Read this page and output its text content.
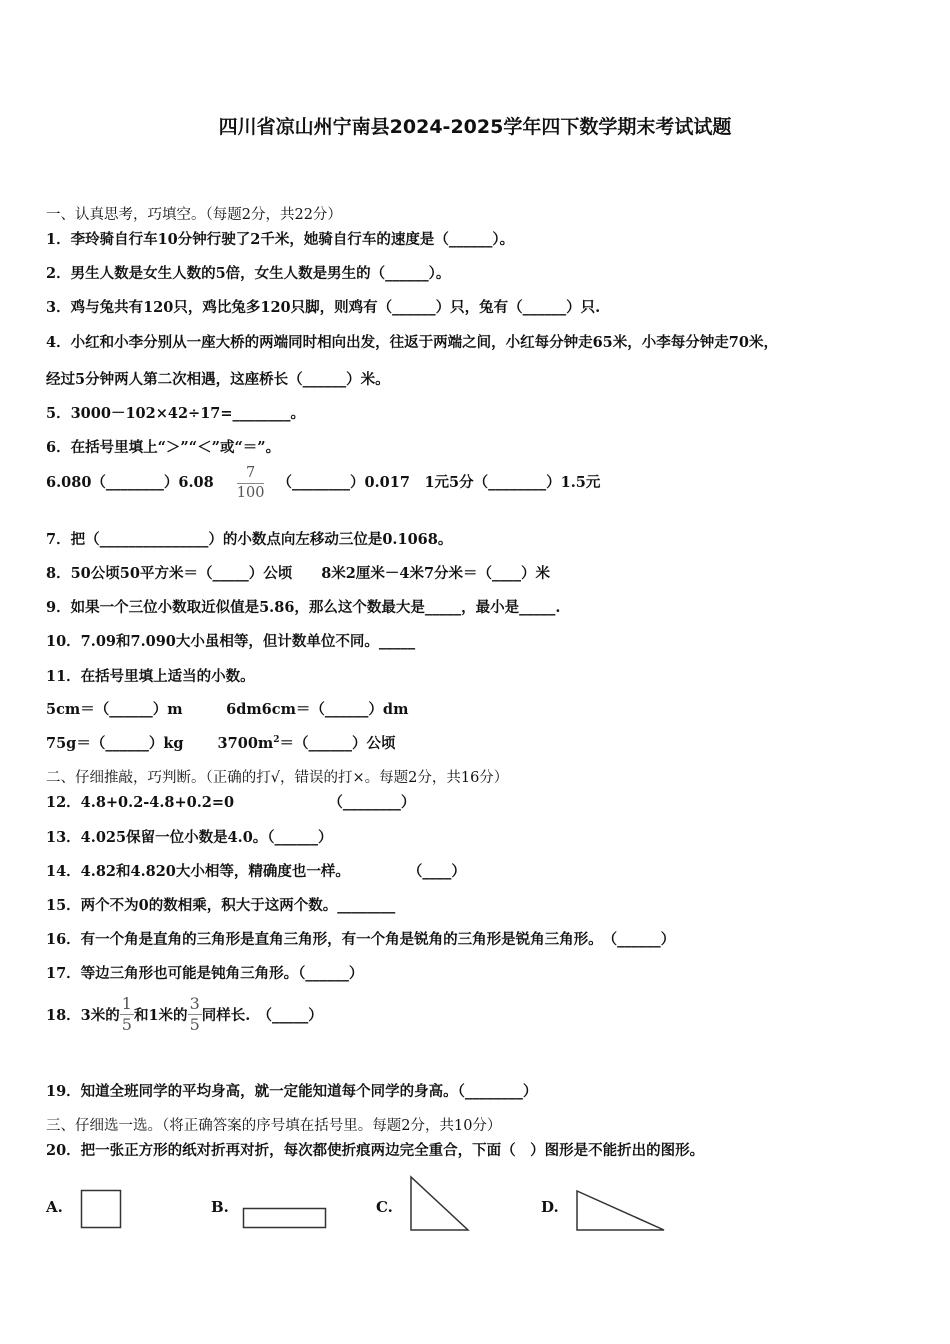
四川省凉山州宁南县2024-2025学年四下数学期末考试试题
一、认真思考，巧填空。（每题2分，共22分）
1．李玲骑自行车10分钟行驶了2千米，她骑自行车的速度是（______）。
2．男生人数是女生人数的5倍，女生人数是男生的（______）。
3．鸡与兔共有120只，鸡比兔多120只脚，则鸡有（______）只，兔有（______）只.
4．小红和小李分别从一座大桥的两端同时相向出发，往返于两端之间，小红每分钟走65米，小李每分钟走70米，
经过5分钟两人第二次相遇，这座桥长（______）米。
5．3000－102×42÷17=________。
6．在括号里填上“＞”“＜”或“＝”。
6.080（________）6.08 $\frac{7}{100}$ （________）0.017　1元5分（________）1.5元
7．把（_______________）的小数点向左移动三位是0.1068。
8．50公顷50平方米＝（_____）公顷　　8米2厘米－4米7分米＝（____）米
9．如果一个三位小数取近似值是5.86，那么这个数最大是_____，最小是_____.
10．7.09和7.090大小虽相等，但计数单位不同。_____
11．在括号里填上适当的小数。
5cm＝（______）m　　　6dm6cm＝（______）dm
75g＝（______）kg　　 $3700m^2=(\_\_\_\_\_\_)$公顷
二、仔细推敲，巧判断。（正确的打√，错误的打×。每题2分，共16分）
12．4.8+0.2-4.8+0.2=0　　　　　　　（________）
13．4.025保留一位小数是4.0。（______）
14．4.82和4.820大小相等，精确度也一样。　　　　　（____）
15．两个不为0的数相乘，积大于这两个数。________
16．有一个角是直角的三角形是直角三角形，有一个角是锐角的三角形是锐角三角形。　（______）
17．等边三角形也可能是钝角三角形。（______）
18．3米的 $\frac{1}{5}$ 和1米的 $\frac{3}{5}$ 同样长.　（_____）
19．知道全班同学的平均身高，就一定能知道每个同学的身高。（________）
三、仔细选一选。（将正确答案的序号填在括号里。每题2分，共10分）
20．把一张正方形的纸对折再对折，每次都使折痕两边完全重合，下面（　）图形是不能折出的图形。
A.	B.	C.	D.
